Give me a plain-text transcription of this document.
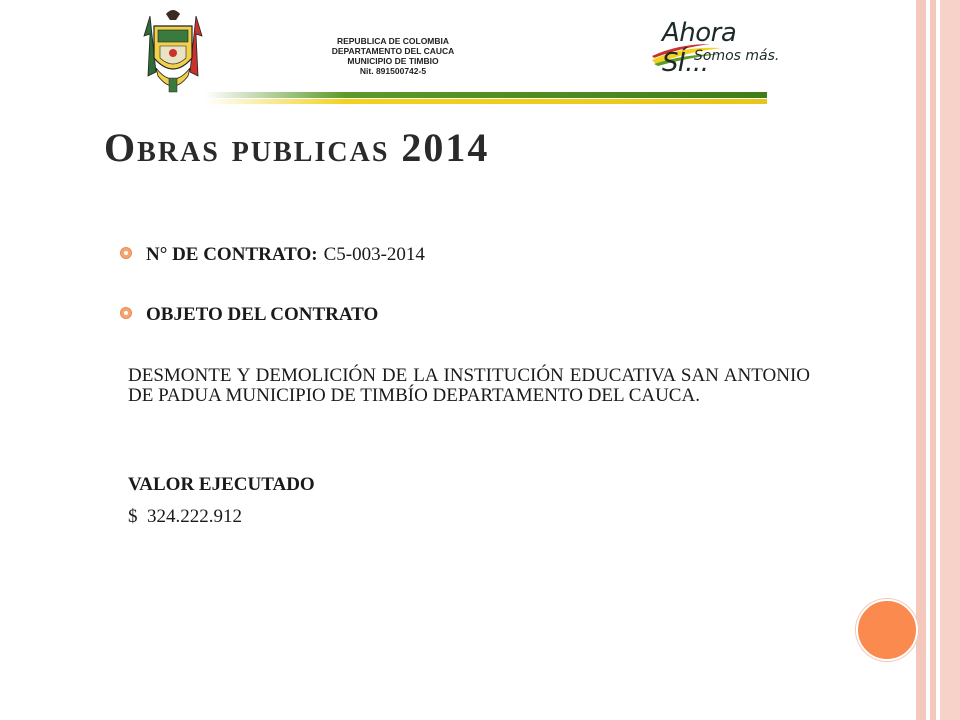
REPUBLICA DE COLOMBIA
DEPARTAMENTO DEL CAUCA
MUNICIPIO DE TIMBIO
Nit. 891500742-5
Ahora SÍ...
Somos más.
Obras publicas 2014
N° DE CONTRATO: C5-003-2014
OBJETO DEL CONTRATO
DESMONTE Y DEMOLICIÓN DE LA INSTITUCIÓN EDUCATIVA SAN ANTONIO DE PADUA MUNICIPIO DE TIMBÍO DEPARTAMENTO DEL CAUCA.
VALOR EJECUTADO
$  324.222.912
